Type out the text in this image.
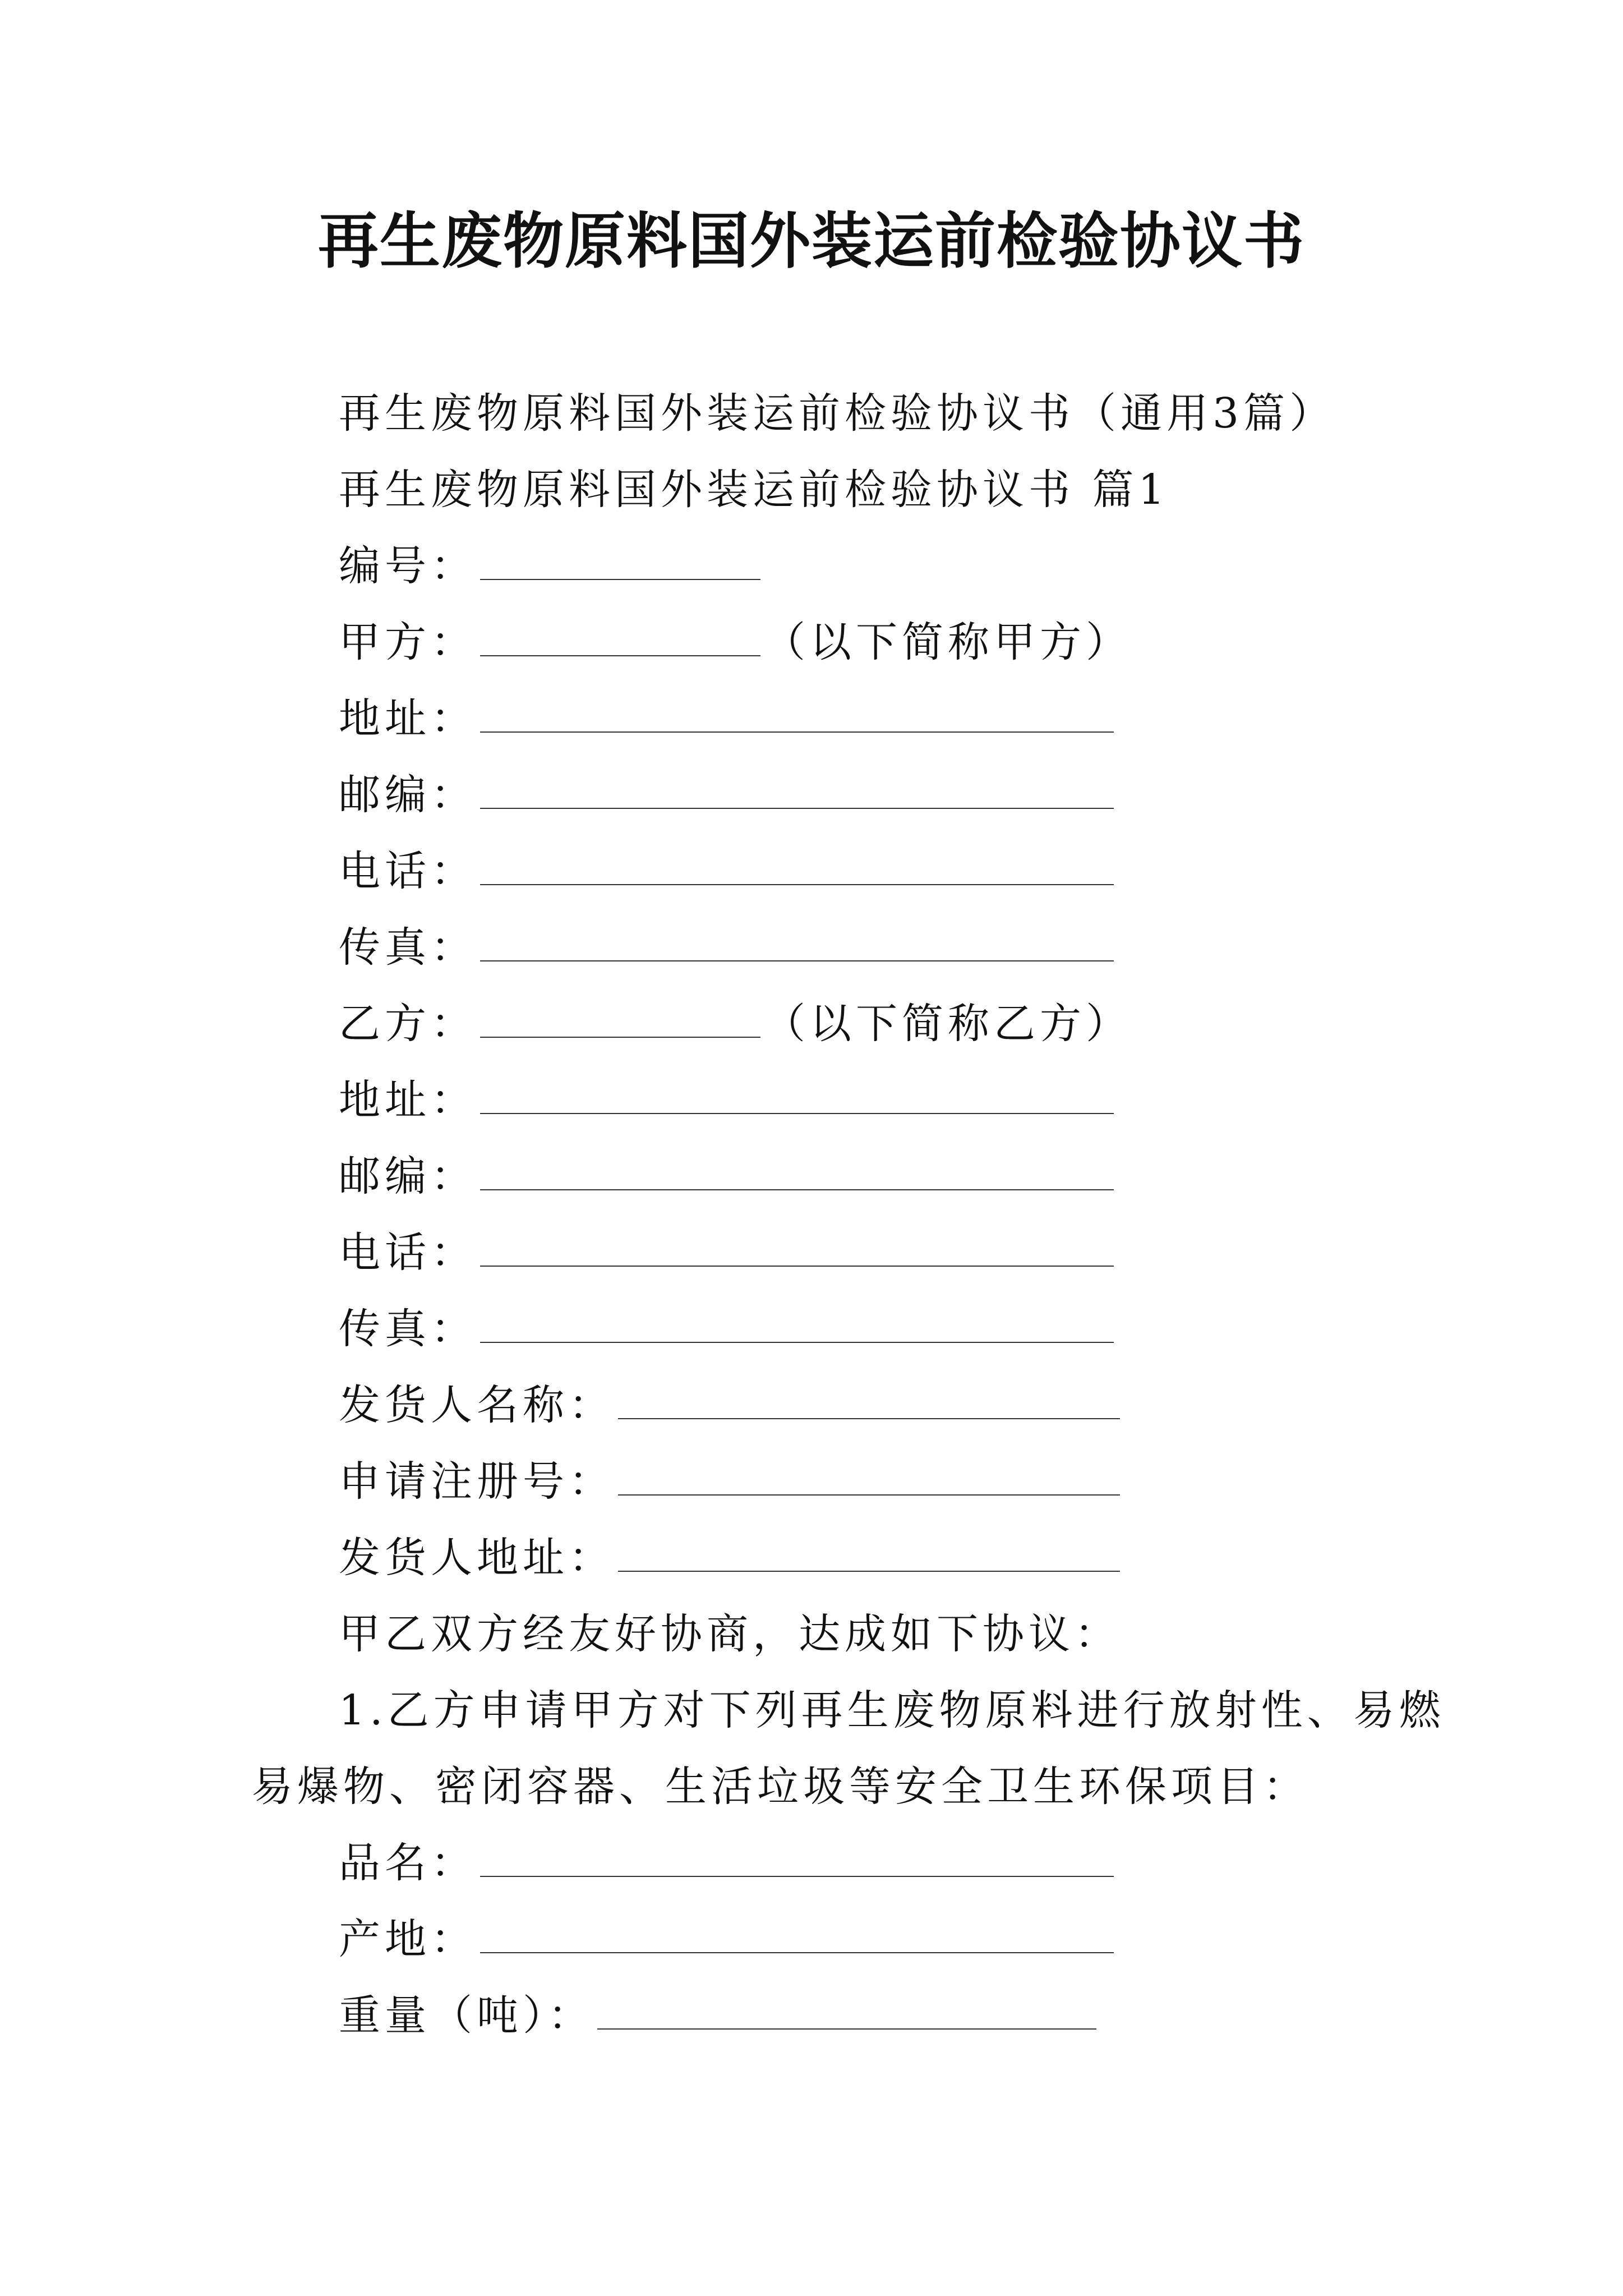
再生废物原料国外装运前检验协议书
再生废物原料国外装运前检验协议书（通用3篇）
再生废物原料国外装运前检验协议书 篇1
编号：
甲方：	（以下简称甲方）
地址：
邮编：
电话：
传真：
乙方：	（以下简称乙方）
地址：
邮编：
电话：
传真：
发货人名称：
申请注册号：
发货人地址：
甲乙双方经友好协商，达成如下协议：
1.乙方申请甲方对下列再生废物原料进行放射性、易燃
易爆物、密闭容器、生活垃圾等安全卫生环保项目：
品名：
产地：
重量（吨）：
